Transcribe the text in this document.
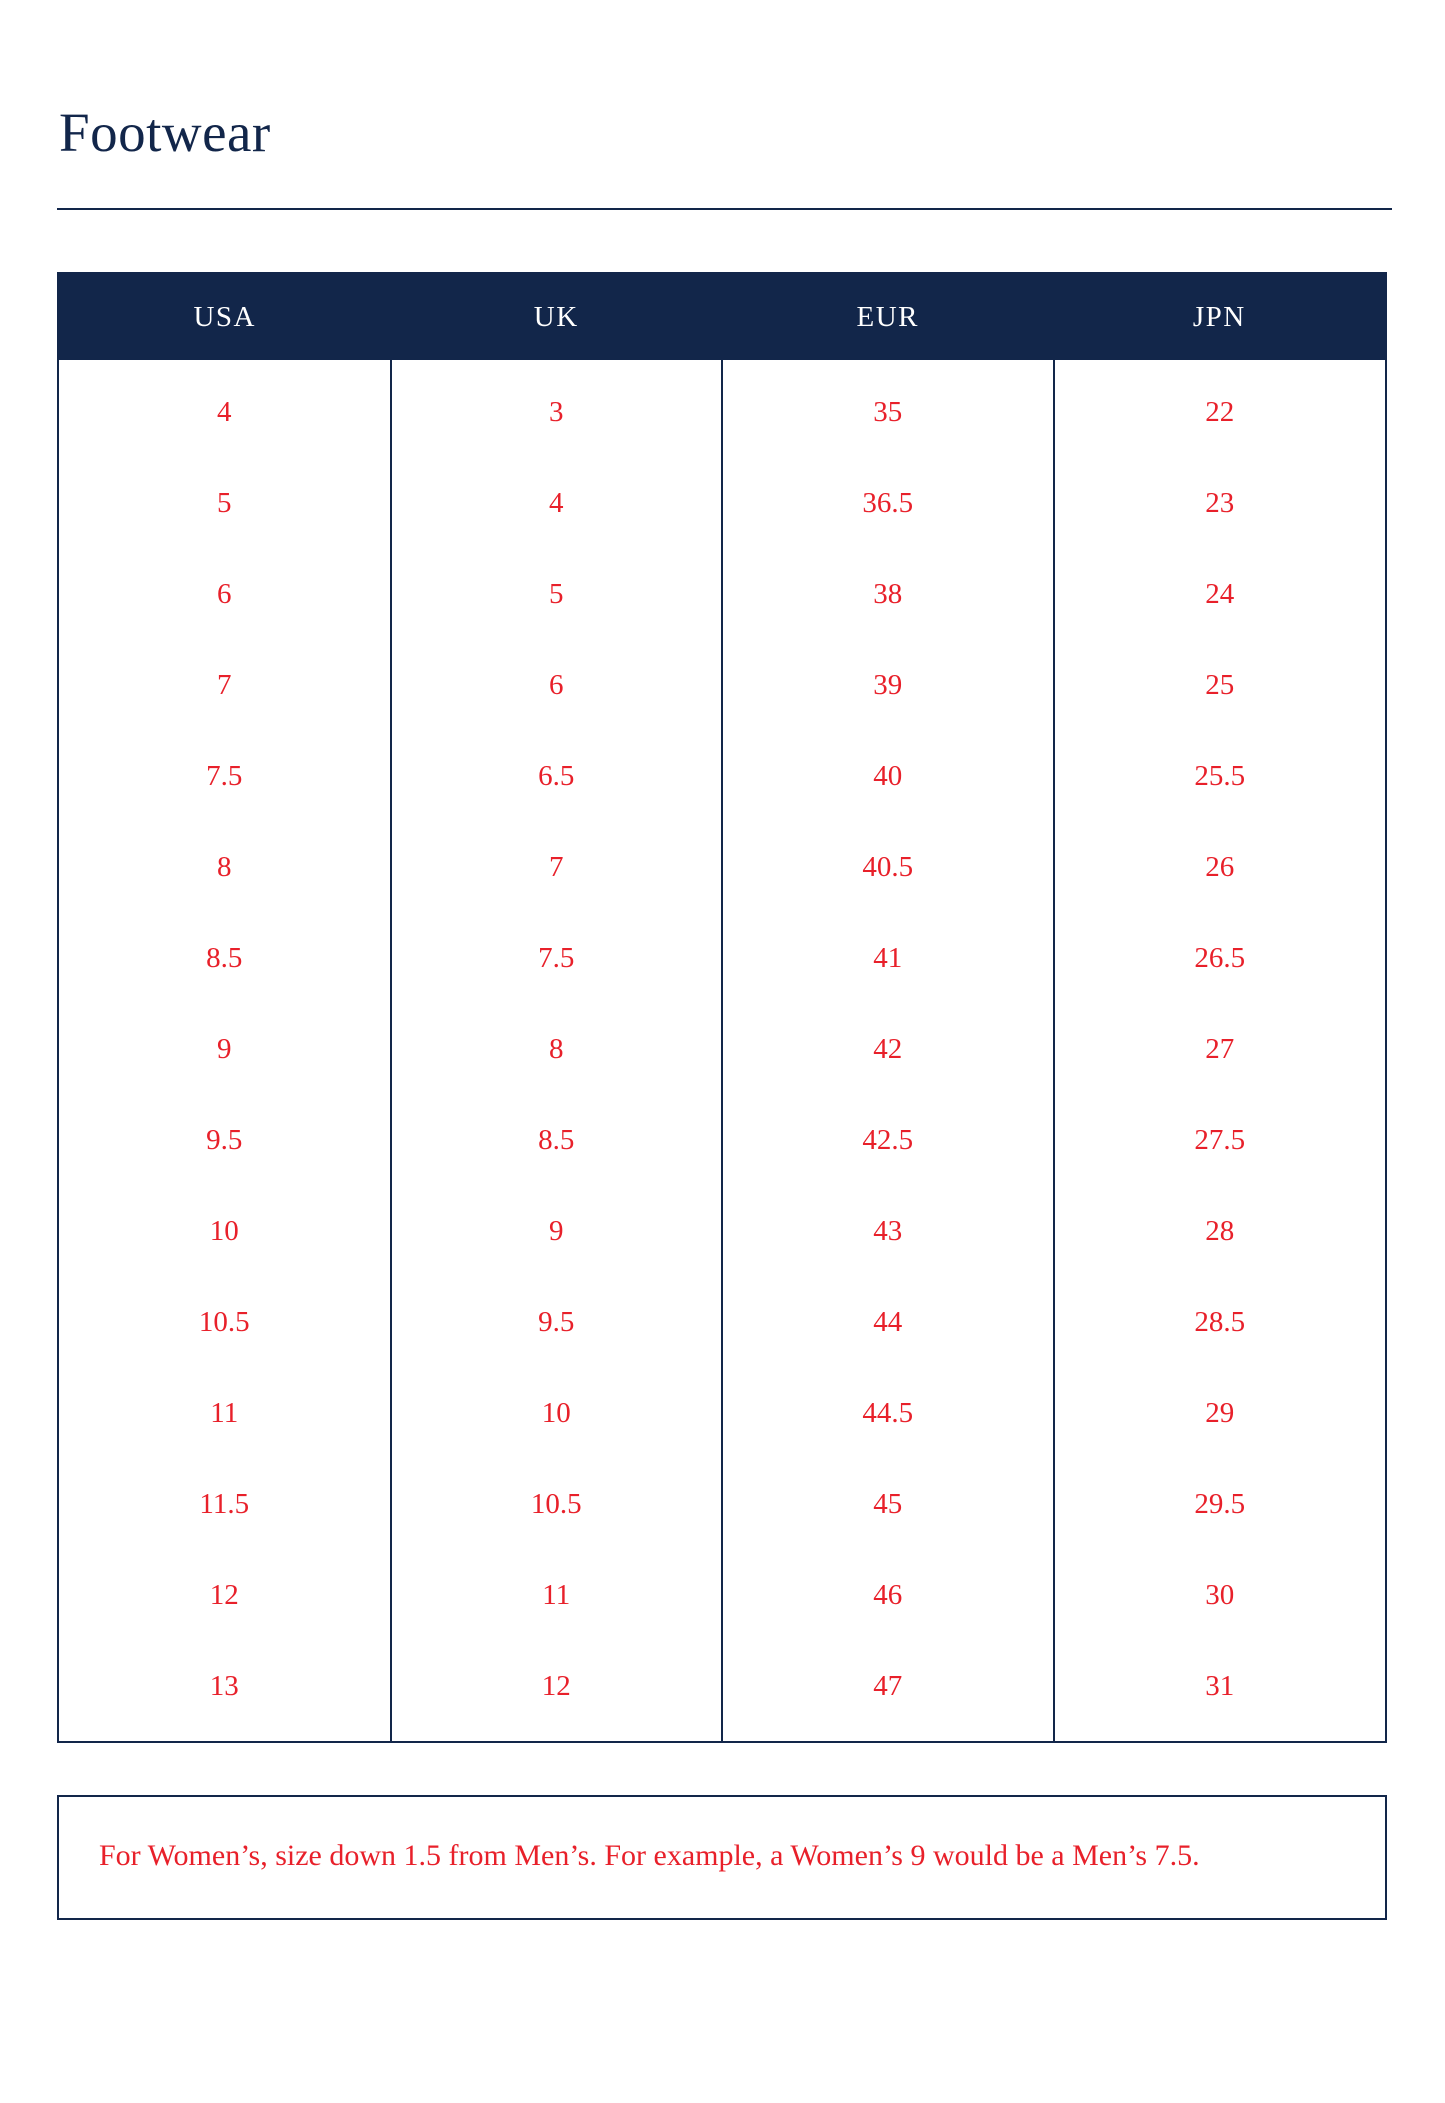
Footwear
USA	UK	EUR	JPN
4	3	35	22
5	4	36.5	23
6	5	38	24
7	6	39	25
7.5	6.5	40	25.5
8	7	40.5	26
8.5	7.5	41	26.5
9	8	42	27
9.5	8.5	42.5	27.5
10	9	43	28
10.5	9.5	44	28.5
11	10	44.5	29
11.5	10.5	45	29.5
12	11	46	30
13	12	47	31
For Women’s, size down 1.5 from Men’s. For example, a Women’s 9 would be a Men’s 7.5.
